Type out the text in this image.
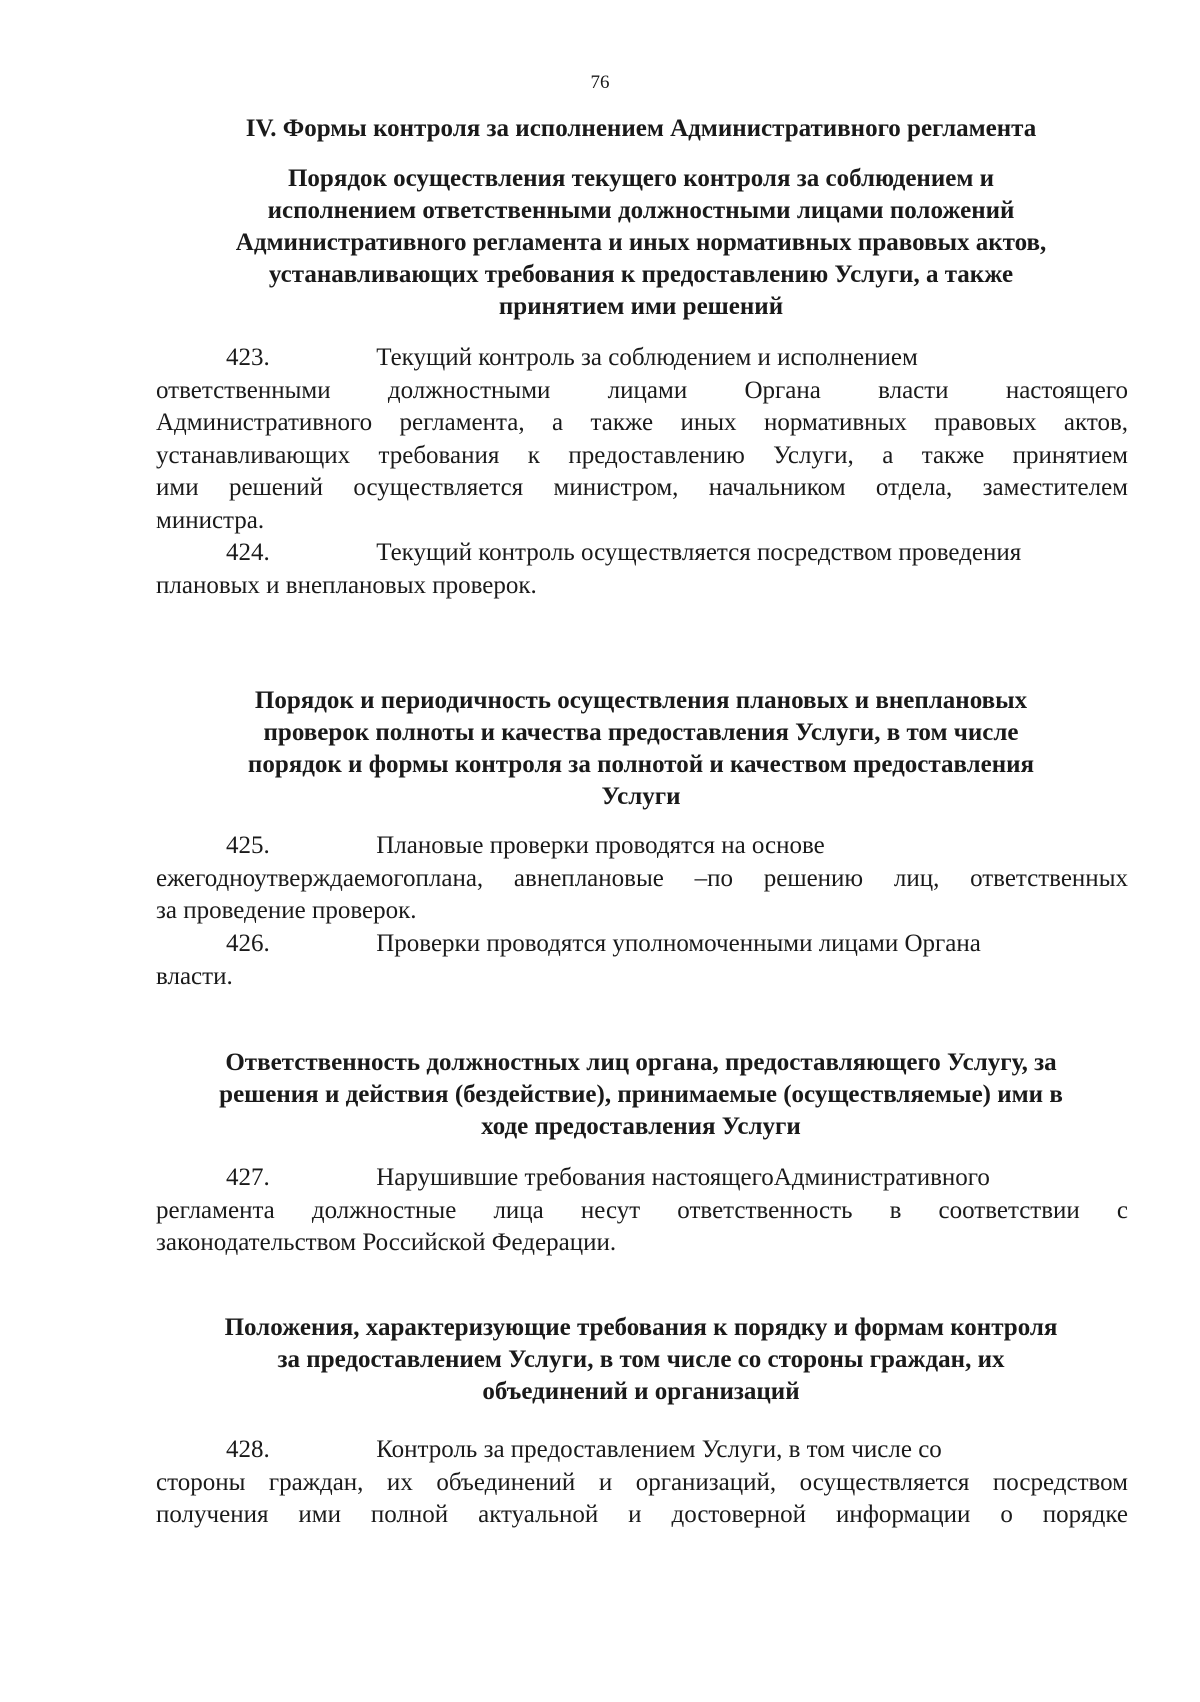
76
IV. Формы контроля за исполнением Административного регламента
Порядок осуществления текущего контроля за соблюдением и
исполнением ответственными должностными лицами положений
Административного регламента и иных нормативных правовых актов,
устанавливающих требования к предоставлению Услуги, а также
принятием ими решений
423.	Текущий контроль за соблюдением и исполнением
ответственными должностными лицами Органа власти настоящего
Административного регламента, а также иных нормативных правовых актов,
устанавливающих требования к предоставлению Услуги, а также принятием
ими решений осуществляется министром, начальником отдела, заместителем
министра.
424.	Текущий контроль осуществляется посредством проведения
плановых и внеплановых проверок.
Порядок и периодичность осуществления плановых и внеплановых
проверок полноты и качества предоставления Услуги, в том числе
порядок и формы контроля за полнотой и качеством предоставления
Услуги
425.	Плановые проверки проводятся на основе
ежегодноутверждаемогоплана, авнеплановые –по решению лиц, ответственных
за проведение проверок.
426.	Проверки проводятся уполномоченными лицами Органа
власти.
Ответственность должностных лиц органа, предоставляющего Услугу, за
решения и действия (бездействие), принимаемые (осуществляемые) ими в
ходе предоставления Услуги
427.	Нарушившие требования настоящегоАдминистративного
регламента должностные лица несут ответственность в соответствии с
законодательством Российской Федерации.
Положения, характеризующие требования к порядку и формам контроля
за предоставлением Услуги, в том числе со стороны граждан, их
объединений и организаций
428.	Контроль за предоставлением Услуги, в том числе со
стороны граждан, их объединений и организаций, осуществляется посредством
получения ими полной актуальной и достоверной информации о порядке
